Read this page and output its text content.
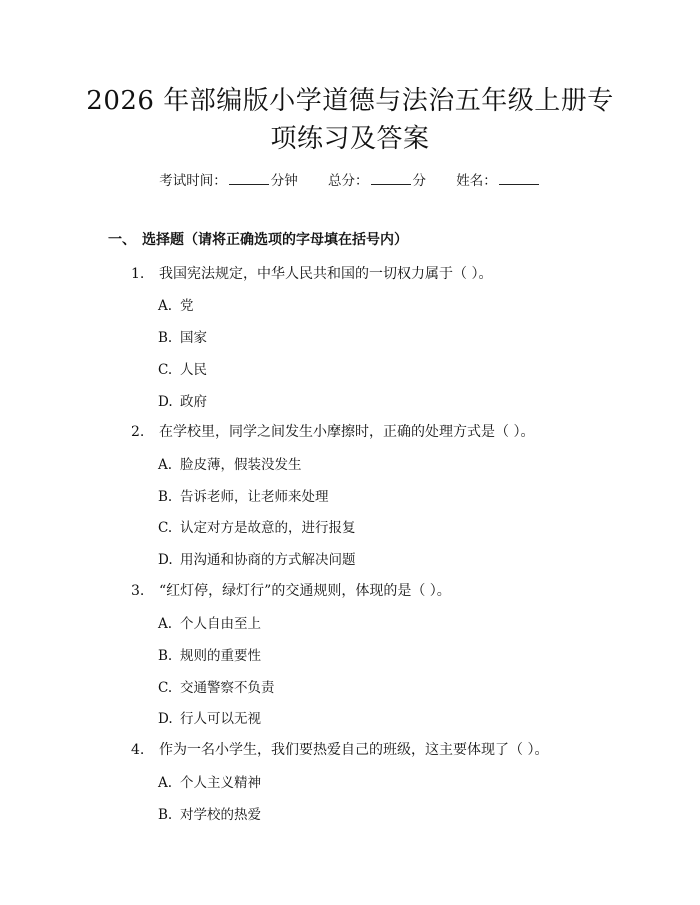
2026 年部编版小学道德与法治五年级上册专
项练习及答案
考试时间：	分钟 总分：	分 姓名：
一、 选择题（请将正确选项的字母填在括号内）
1. 我国宪法规定，中华人民共和国的一切权力属于（ ）。
A. 党
B. 国家
C. 人民
D. 政府
2. 在学校里，同学之间发生小摩擦时，正确的处理方式是（ ）。
A. 脸皮薄，假装没发生
B. 告诉老师，让老师来处理
C. 认定对方是故意的，进行报复
D. 用沟通和协商的方式解决问题
3. “红灯停，绿灯行”的交通规则，体现的是（ ）。
A. 个人自由至上
B. 规则的重要性
C. 交通警察不负责
D. 行人可以无视
4. 作为一名小学生，我们要热爱自己的班级，这主要体现了（ ）。
A. 个人主义精神
B. 对学校的热爱
